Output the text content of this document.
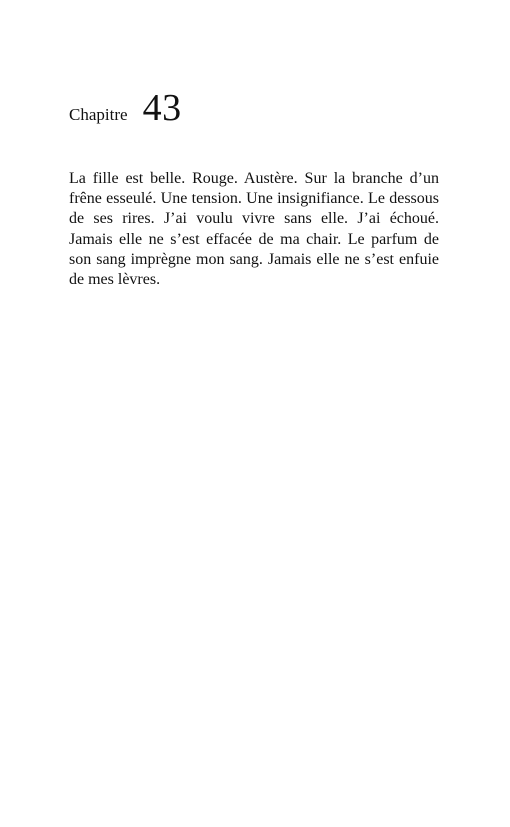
Chapitre 43

La fille est belle. Rouge. Austère. Sur la branche d’un frêne esseulé. Une tension. Une insignifiance. Le dessous de ses rires. J’ai voulu vivre sans elle. J’ai échoué. Jamais elle ne s’est effacée de ma chair. Le parfum de son sang imprègne mon sang. Jamais elle ne s’est enfuie de mes lèvres.
